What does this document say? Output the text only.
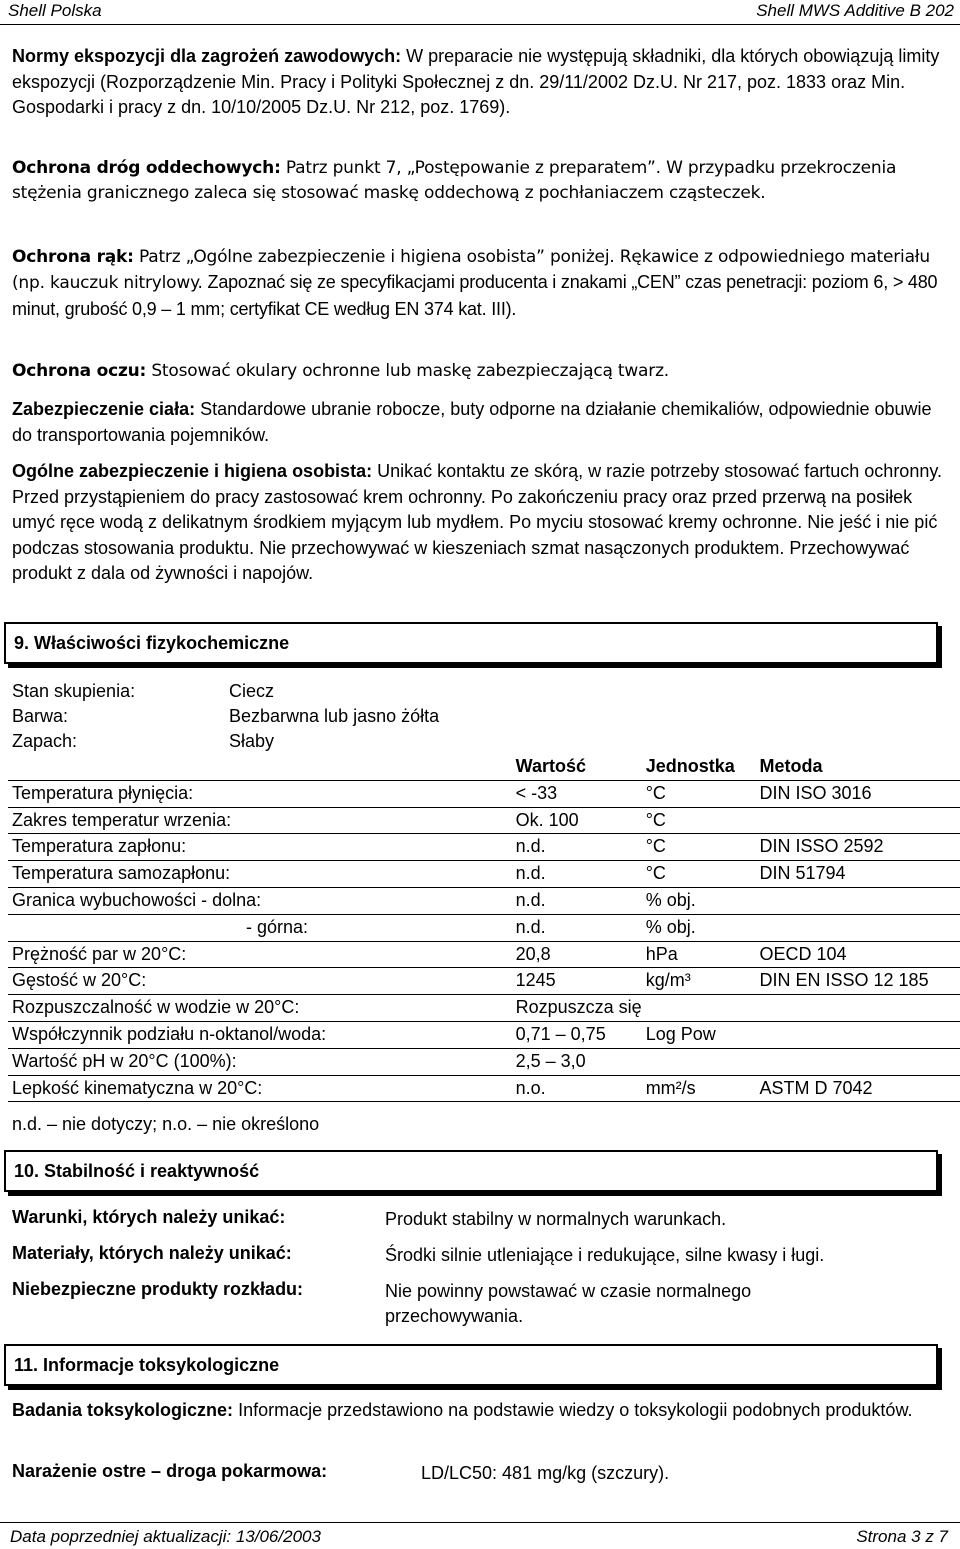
Shell Polska	Shell MWS Additive B 202

Normy ekspozycji dla zagrożeń zawodowych: W preparacie nie występują składniki, dla których obowiązują limity ekspozycji (Rozporządzenie Min. Pracy i Polityki Społecznej z dn. 29/11/2002 Dz.U. Nr 217, poz. 1833 oraz Min. Gospodarki i pracy z dn. 10/10/2005 Dz.U. Nr 212, poz. 1769).

Ochrona dróg oddechowych: Patrz punkt 7, „Postępowanie z preparatem”. W przypadku przekroczenia stężenia granicznego zaleca się stosować maskę oddechową z pochłaniaczem cząsteczek.

Ochrona rąk: Patrz „Ogólne zabezpieczenie i higiena osobista” poniżej. Rękawice z odpowiedniego materiału (np. kauczuk nitrylowy. Zapoznać się ze specyfikacjami producenta i znakami „CEN” czas penetracji: poziom 6, > 480 minut, grubość 0,9 – 1 mm; certyfikat CE według EN 374 kat. III).

Ochrona oczu: Stosować okulary ochronne lub maskę zabezpieczającą twarz.

Zabezpieczenie ciała: Standardowe ubranie robocze, buty odporne na działanie chemikaliów, odpowiednie obuwie do transportowania pojemników.

Ogólne zabezpieczenie i higiena osobista: Unikać kontaktu ze skórą, w razie potrzeby stosować fartuch ochronny. Przed przystąpieniem do pracy zastosować krem ochronny. Po zakończeniu pracy oraz przed przerwą na posiłek umyć ręce wodą z delikatnym środkiem myjącym lub mydłem. Po myciu stosować kremy ochronne. Nie jeść i nie pić podczas stosowania produktu. Nie przechowywać w kieszeniach szmat nasączonych produktem. Przechowywać produkt z dala od żywności i napojów.

9. Właściwości fizykochemiczne
Stan skupienia:	Ciecz
Barwa:	Bezbarwna lub jasno żółta
Zapach:	Słaby
	Wartość	Jednostka	Metoda
Temperatura płynięcia:	< -33	°C	DIN ISO 3016
Zakres temperatur wrzenia:	Ok. 100	°C	
Temperatura zapłonu:	n.d.	°C	DIN ISSO 2592
Temperatura samozapłonu:	n.d.	°C	DIN 51794
Granica wybuchowości - dolna:	n.d.	% obj.	
- górna:	n.d.	% obj.	
Prężność par w 20°C:	20,8	hPa	OECD 104
Gęstość w 20°C:	1245	kg/m³	DIN EN ISSO 12 185
Rozpuszczalność w wodzie w 20°C:	Rozpuszcza się		
Współczynnik podziału n-oktanol/woda:	0,71 – 0,75	Log Pow	
Wartość pH w 20°C (100%):	2,5 – 3,0		
Lepkość kinematyczna w 20°C:	n.o.	mm²/s	ASTM D 7042
n.d. – nie dotyczy; n.o. – nie określono
10. Stabilność i reaktywność
Warunki, których należy unikać:	Produkt stabilny w normalnych warunkach.
Materiały, których należy unikać:	Środki silnie utleniające i redukujące, silne kwasy i ługi.
Niebezpieczne produkty rozkładu:	Nie powinny powstawać w czasie normalnego
przechowywania.
11. Informacje toksykologiczne

Badania toksykologiczne: Informacje przedstawiono na podstawie wiedzy o toksykologii podobnych produktów.

Narażenie ostre – droga pokarmowa:	LD/LC50: 481 mg/kg (szczury).
Data poprzedniej aktualizacji: 13/06/2003	Strona 3 z 7
